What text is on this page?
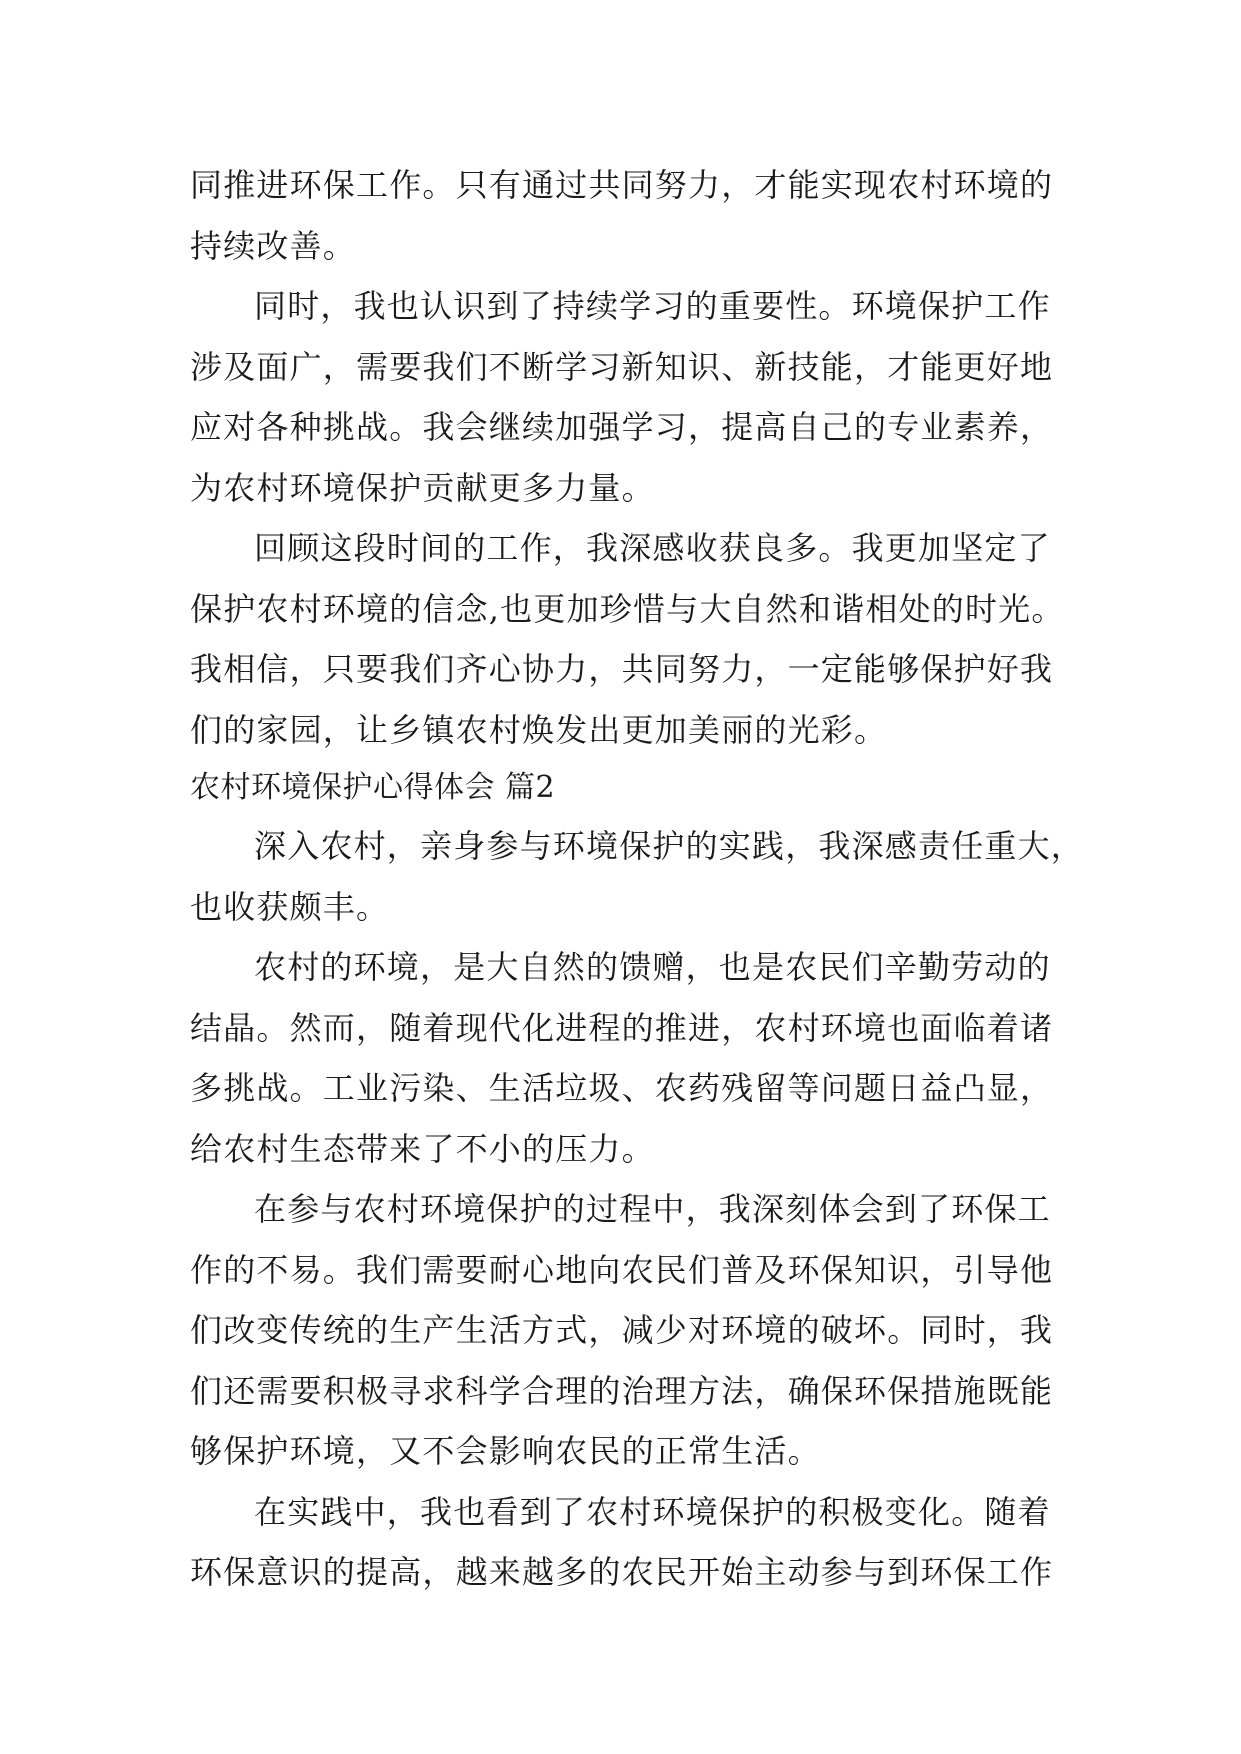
同推进环保工作。只有通过共同努力，才能实现农村环境的
持续改善。
同时，我也认识到了持续学习的重要性。环境保护工作
涉及面广，需要我们不断学习新知识、新技能，才能更好地
应对各种挑战。我会继续加强学习，提高自己的专业素养，
为农村环境保护贡献更多力量。
回顾这段时间的工作，我深感收获良多。我更加坚定了
保护农村环境的信念,也更加珍惜与大自然和谐相处的时光。
我相信，只要我们齐心协力，共同努力，一定能够保护好我
们的家园，让乡镇农村焕发出更加美丽的光彩。
农村环境保护心得体会 篇2
深入农村，亲身参与环境保护的实践，我深感责任重大，
也收获颇丰。
农村的环境，是大自然的馈赠，也是农民们辛勤劳动的
结晶。然而，随着现代化进程的推进，农村环境也面临着诸
多挑战。工业污染、生活垃圾、农药残留等问题日益凸显，
给农村生态带来了不小的压力。
在参与农村环境保护的过程中，我深刻体会到了环保工
作的不易。我们需要耐心地向农民们普及环保知识，引导他
们改变传统的生产生活方式，减少对环境的破坏。同时，我
们还需要积极寻求科学合理的治理方法，确保环保措施既能
够保护环境，又不会影响农民的正常生活。
在实践中，我也看到了农村环境保护的积极变化。随着
环保意识的提高，越来越多的农民开始主动参与到环保工作
